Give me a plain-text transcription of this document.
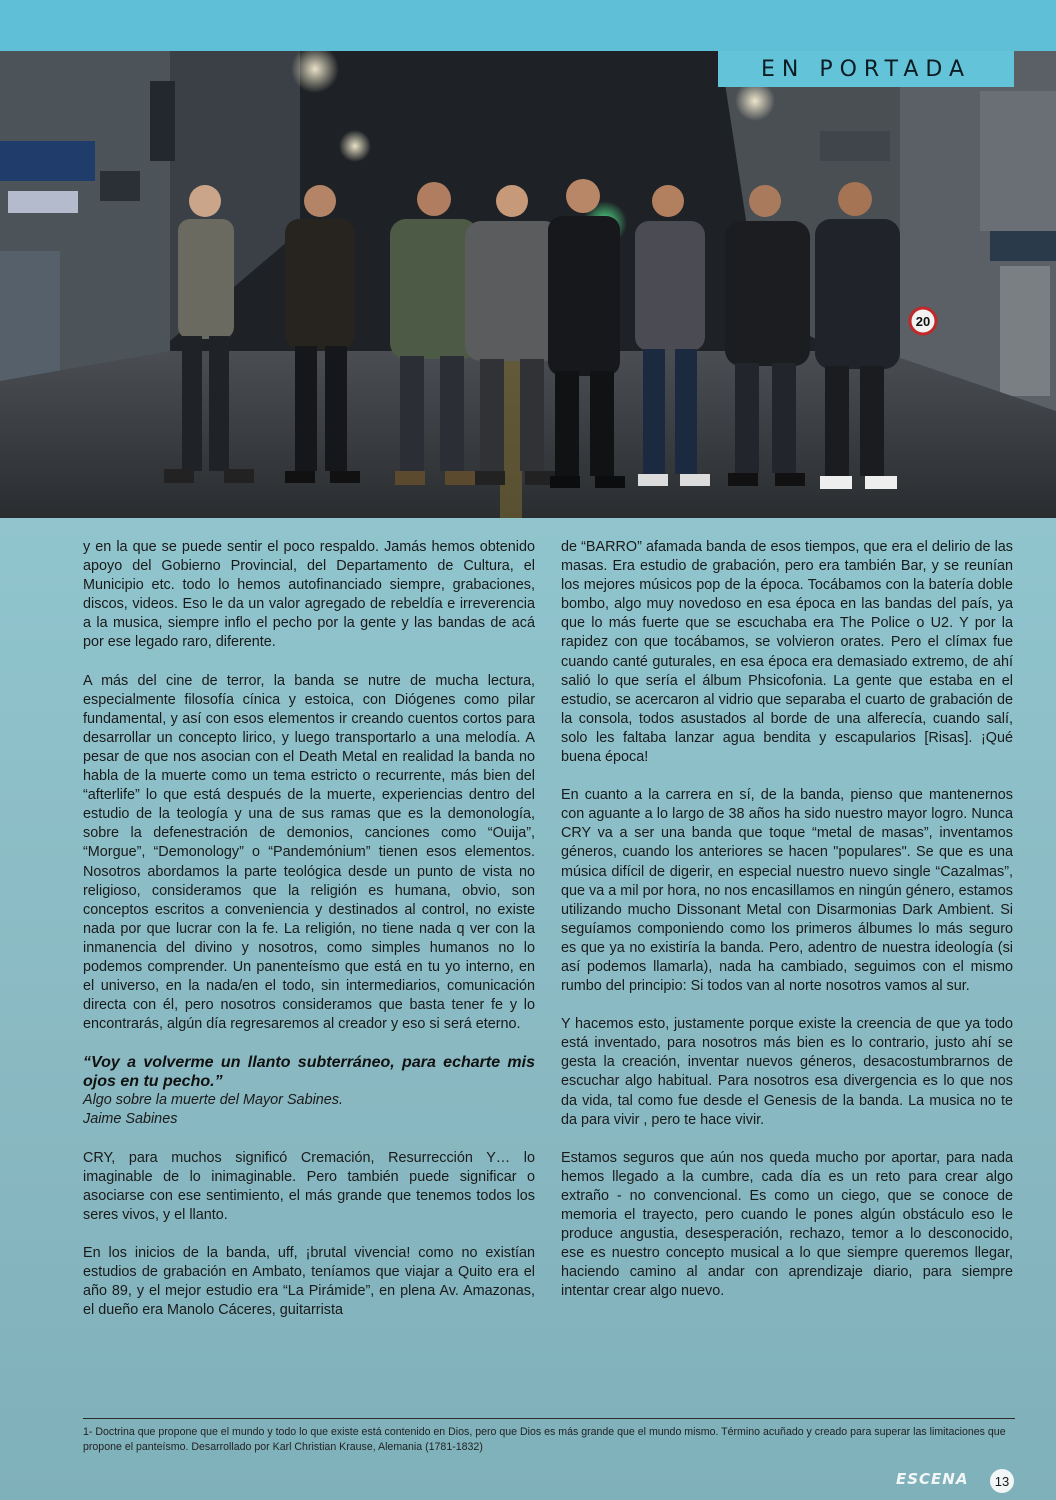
20
EN PORTADA

y en la que se puede sentir el poco respaldo. Jamás hemos obtenido apoyo del Gobierno Provincial, del Departamento de Cultura, el Municipio etc. todo lo hemos autofinanciado siempre, grabaciones, discos, videos. Eso le da un valor agregado de rebeldía e irreverencia a la musica, siempre inflo el pecho por la gente y las bandas de acá por ese legado raro, diferente.

A más del cine de terror, la banda se nutre de mucha lectura, especialmente filosofía cínica y estoica, con Diógenes como pilar fundamental, y así con esos elementos ir creando cuentos cortos para desarrollar un concepto lirico, y luego transportarlo a una melodía. A pesar de que nos asocian con el Death Metal en realidad la banda no habla de la muerte como un tema estricto o recurrente, más bien del “afterlife” lo que está después de la muerte, experiencias dentro del estudio de la teología y una de sus ramas que es la demonología, sobre la defenestración de demonios, canciones como “Ouija”, “Morgue”, “Demonology” o “Pandemónium” tienen esos elementos. Nosotros abordamos la parte teológica desde un punto de vista no religioso, consideramos que la religión es humana, obvio, son conceptos escritos a conveniencia y destinados al control, no existe nada por que lucrar con la fe. La religión, no tiene nada q ver con la inmanencia del divino y nosotros, como simples humanos no lo podemos comprender. Un panenteísmo que está en tu yo interno, en el universo, en la nada/en el todo, sin intermediarios, comunicación directa con él, pero nosotros consideramos que basta tener fe y lo encontrarás, algún día regresaremos al creador y eso si será eterno.

“Voy a volverme un llanto subterráneo, para echarte mis ojos en tu pecho.”
Algo sobre la muerte del Mayor Sabines.
Jaime Sabines

CRY, para muchos significó Cremación, Resurrección Y… lo imaginable de lo inimaginable. Pero también puede significar o asociarse con ese sentimiento, el más grande que tenemos todos los seres vivos, y el llanto.

En los inicios de la banda, uff, ¡brutal vivencia! como no existían estudios de grabación en Ambato, teníamos que viajar a Quito era el año 89, y el mejor estudio era “La Pirámide”, en plena Av. Amazonas, el dueño era Manolo Cáceres, guitarrista

de “BARRO” afamada banda de esos tiempos, que era el delirio de las masas. Era estudio de grabación, pero era también Bar, y se reunían los mejores músicos pop de la época. Tocábamos con la batería doble bombo, algo muy novedoso en esa época en las bandas del país, ya que lo más fuerte que se escuchaba era The Police o U2. Y por la rapidez con que tocábamos, se volvieron orates. Pero el clímax fue cuando canté guturales, en esa época era demasiado extremo, de ahí salió lo que sería el álbum Phsicofonia. La gente que estaba en el estudio, se acercaron al vidrio que separaba el cuarto de grabación de la consola, todos asustados al borde de una alferecía, cuando salí, solo les faltaba lanzar agua bendita y escapularios [Risas]. ¡Qué buena época!

En cuanto a la carrera en sí, de la banda, pienso que mantenernos con aguante a lo largo de 38 años ha sido nuestro mayor logro. Nunca CRY va a ser una banda que toque “metal de masas”, inventamos géneros, cuando los anteriores se hacen "populares". Se que es una música difícil de digerir, en especial nuestro nuevo single “Cazalmas”, que va a mil por hora, no nos encasillamos en ningún género, estamos utilizando mucho Dissonant Metal con Disarmonias Dark Ambient. Si seguíamos componiendo como los primeros álbumes lo más seguro es que ya no existiría la banda. Pero, adentro de nuestra ideología (si así podemos llamarla), nada ha cambiado, seguimos con el mismo rumbo del principio: Si todos van al norte nosotros vamos al sur.

Y hacemos esto, justamente porque existe la creencia de que ya todo está inventado, para nosotros más bien es lo contrario, justo ahí se gesta la creación, inventar nuevos géneros, desacostumbrarnos de escuchar algo habitual. Para nosotros esa divergencia es lo que nos da vida, tal como fue desde el Genesis de la banda. La musica no te da para vivir , pero te hace vivir.

Estamos seguros que aún nos queda mucho por aportar, para nada hemos llegado a la cumbre, cada día es un reto para crear algo extraño - no convencional. Es como un ciego, que se conoce de memoria el trayecto, pero cuando le pones algún obstáculo eso le produce angustia, desesperación, rechazo, temor a lo desconocido, ese es nuestro concepto musical a lo que siempre queremos llegar, haciendo camino al andar con aprendizaje diario, para siempre intentar crear algo nuevo.

1- Doctrina que propone que el mundo y todo lo que existe está contenido en Dios, pero que Dios es más grande que el mundo mismo. Término acuñado y creado para superar las limitaciones que propone el panteísmo. Desarrollado por Karl Christian Krause, Alemania (1781-1832)
ESCENA	13
